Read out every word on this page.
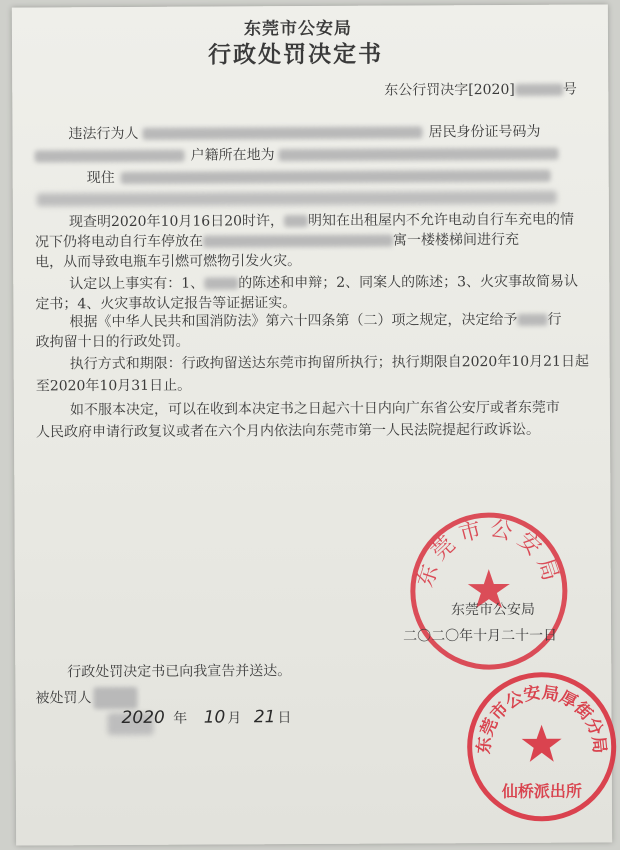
东莞市公安局
行政处罚决定书
东公行罚决字[2020]	号
违法行为人	居民身份证号码为
户籍所在地为
现住
现查明2020年10月16日20时许， 明知在出租屋内不允许电动自行车充电的情
况下仍将电动自行车停放在	寓一楼楼梯间进行充
电，从而导致电瓶车引燃可燃物引发火灾。
认定以上事实有：1、 的陈述和申辩；2、同案人的陈述；3、火灾事故简易认
定书；4、火灾事故认定报告等证据证实。
根据《中华人民共和国消防法》第六十四条第（二）项之规定，决定给予 行
政拘留十日的行政处罚。
执行方式和期限：行政拘留送达东莞市拘留所执行；执行期限自2020年10月21日起
至2020年10月31日止。
如不服本决定，可以在收到本决定书之日起六十日内向广东省公安厅或者东莞市
人民政府申请行政复议或者在六个月内依法向东莞市第一人民法院提起行政诉讼。
东莞市公安局
东莞市公安局
二〇二〇年十月二十一日
行政处罚决定书已向我宣告并送达。
被处罚人
2020 年 10 月 21 日
东莞市公安局厚街分局
仙桥派出所
